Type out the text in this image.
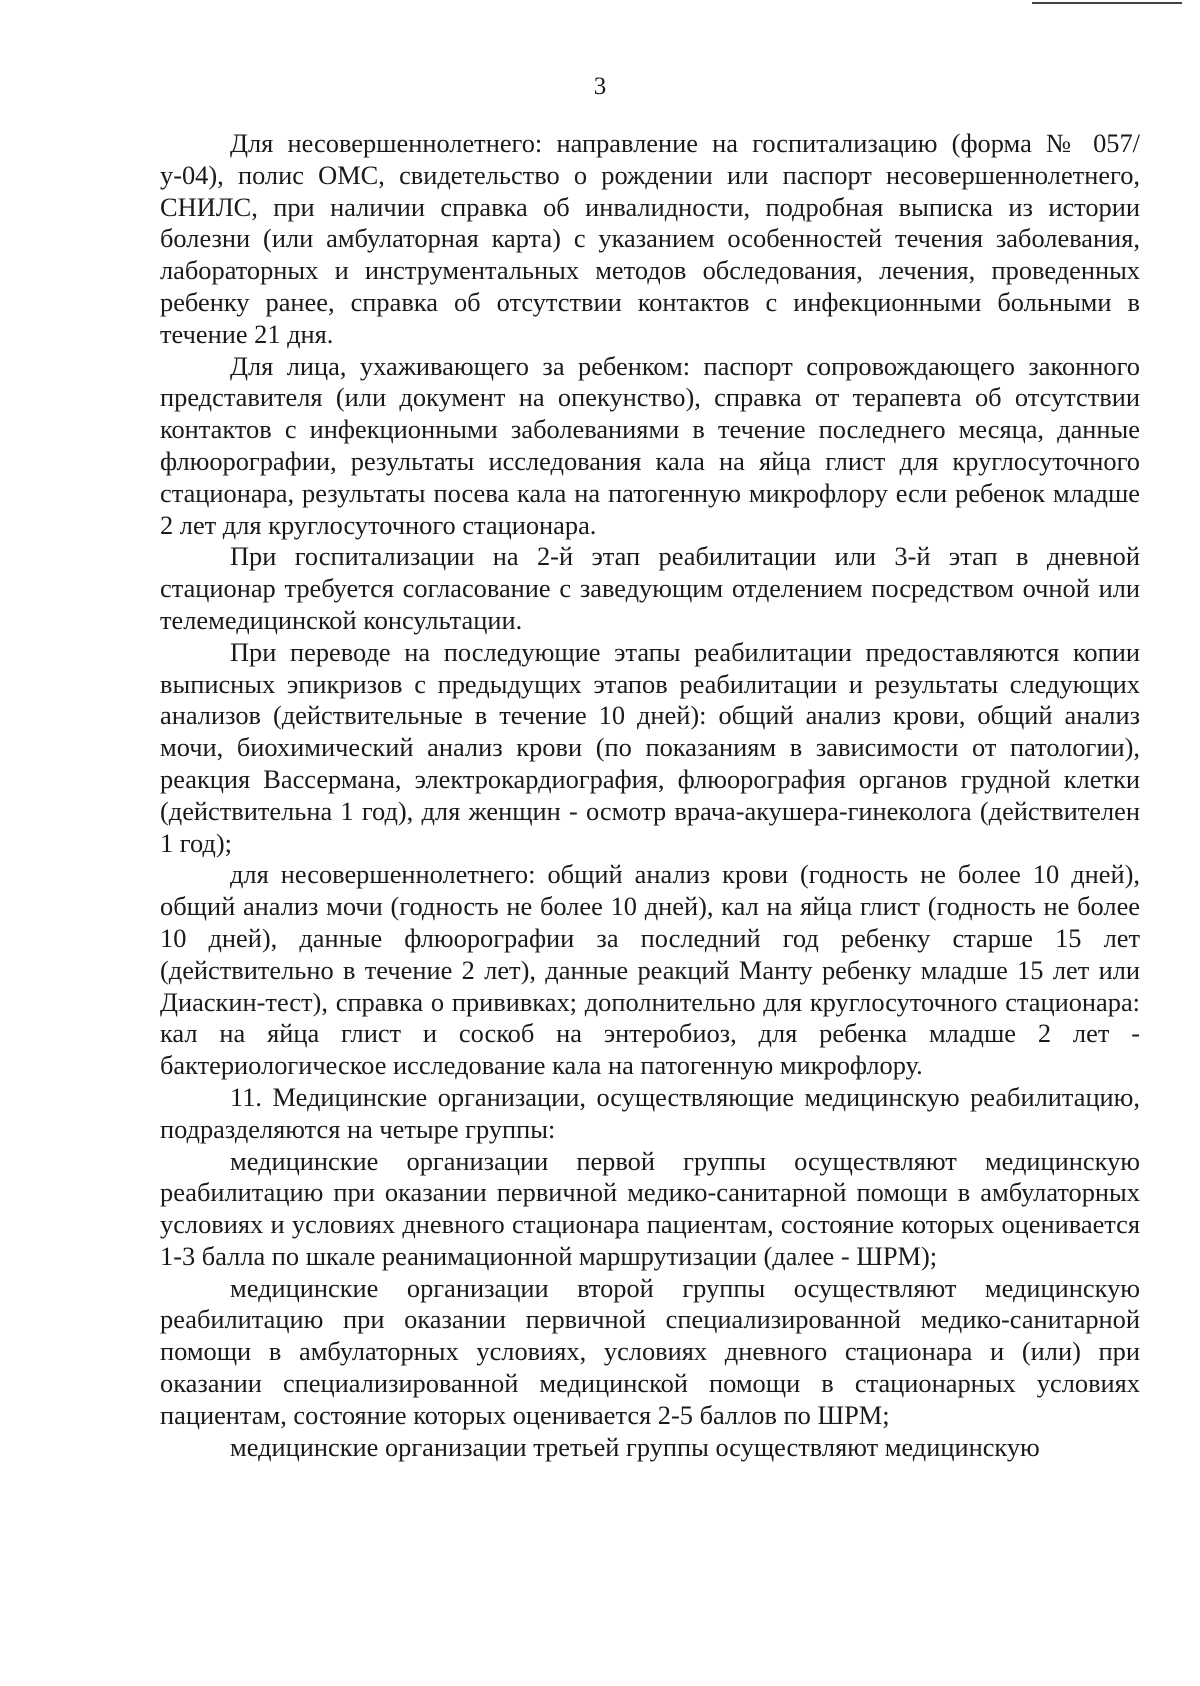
3

Для несовершеннолетнего: направление на госпитализацию (форма № 057/у-04), полис ОМС, свидетельство о рождении или паспорт несовершеннолетнего, СНИЛС, при наличии справка об инвалидности, подробная выписка из истории болезни (или амбулаторная карта) с указанием особенностей течения заболевания, лабораторных и инструментальных методов обследования, лечения, проведенных ребенку ранее, справка об отсутствии контактов с инфекционными больными в течение 21 дня.

Для лица, ухаживающего за ребенком: паспорт сопровождающего законного представителя (или документ на опекунство), справка от терапевта об отсутствии контактов с инфекционными заболеваниями в течение последнего месяца, данные флюорографии, результаты исследования кала на яйца глист для круглосуточного стационара, результаты посева кала на патогенную микрофлору если ребенок младше 2 лет для круглосуточного стационара.

При госпитализации на 2-й этап реабилитации или 3-й этап в дневной стационар требуется согласование с заведующим отделением посредством очной или телемедицинской консультации.

При переводе на последующие этапы реабилитации предоставляются копии выписных эпикризов с предыдущих этапов реабилитации и результаты следующих анализов (действительные в течение 10 дней): общий анализ крови, общий анализ мочи, биохимический анализ крови (по показаниям в зависимости от патологии), реакция Вассермана, электрокардиография, флюорография органов грудной клетки (действительна 1 год), для женщин - осмотр врача-акушера-гинеколога (действителен 1 год);

для несовершеннолетнего: общий анализ крови (годность не более 10 дней), общий анализ мочи (годность не более 10 дней), кал на яйца глист (годность не более 10 дней), данные флюорографии за последний год ребенку старше 15 лет (действительно в течение 2 лет), данные реакций Манту ребенку младше 15 лет или Диаскин-тест), справка о прививках; дополнительно для круглосуточного стационара: кал на яйца глист и соскоб на энтеробиоз, для ребенка младше 2 лет - бактериологическое исследование кала на патогенную микрофлору.

11. Медицинские организации, осуществляющие медицинскую реабилитацию, подразделяются на четыре группы:

медицинские организации первой группы осуществляют медицинскую реабилитацию при оказании первичной медико-санитарной помощи в амбулаторных условиях и условиях дневного стационара пациентам, состояние которых оценивается 1-3 балла по шкале реанимационной маршрутизации (далее - ШРМ);

медицинские организации второй группы осуществляют медицинскую реабилитацию при оказании первичной специализированной медико-санитарной помощи в амбулаторных условиях, условиях дневного стационара и (или) при оказании специализированной медицинской помощи в стационарных условиях пациентам, состояние которых оценивается 2-5 баллов по ШРМ;

медицинские организации третьей группы осуществляют медицинскую
